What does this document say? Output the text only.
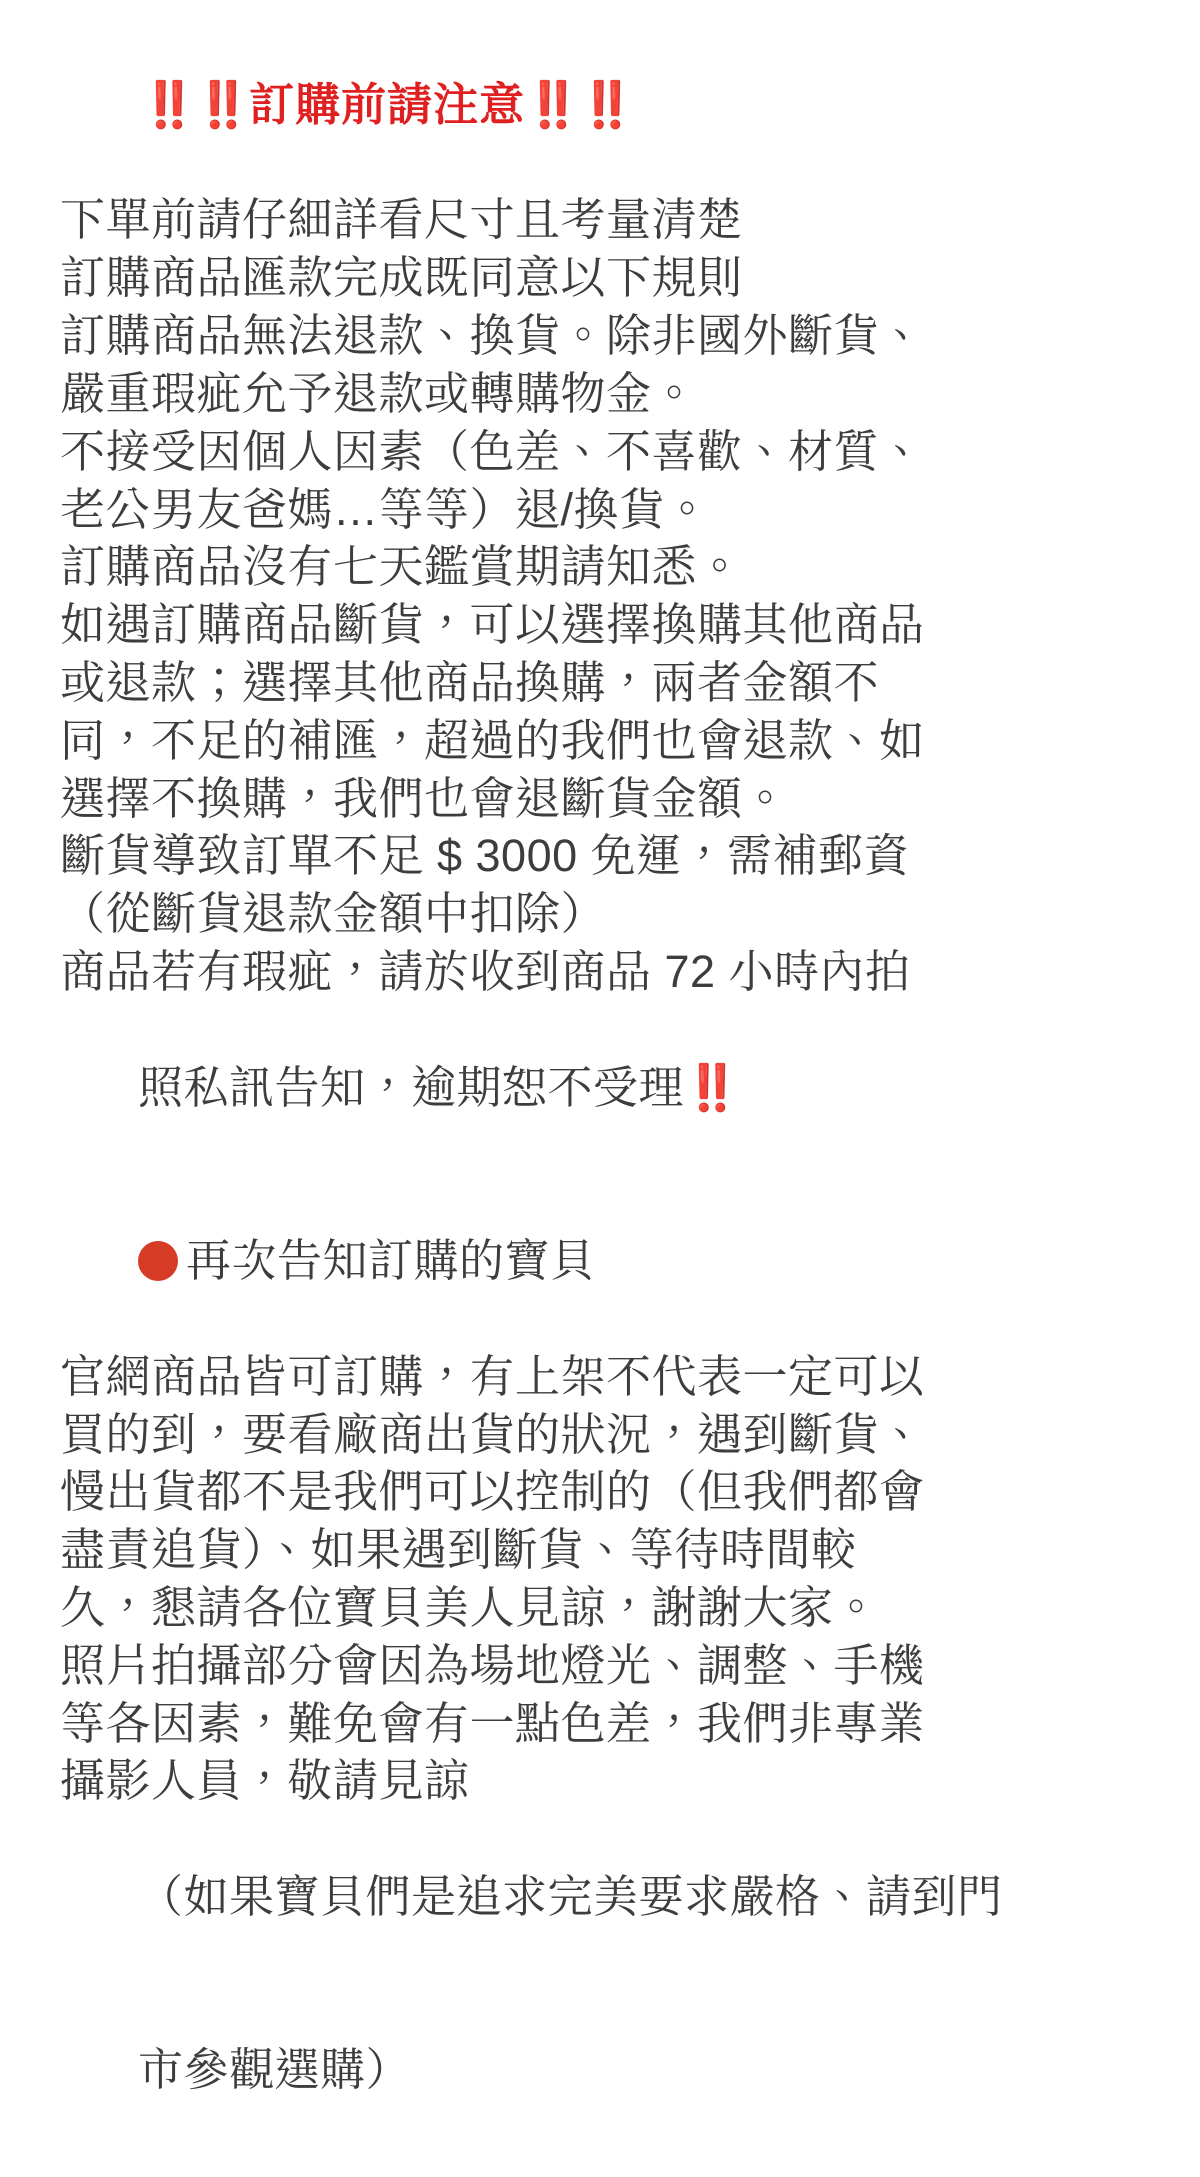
‼️‼️訂購前請注意‼️‼️

下單前請仔細詳看尺寸且考量清楚
訂購商品匯款完成既同意以下規則
訂購商品無法退款、換貨。除非國外斷貨、
嚴重瑕疵允予退款或轉購物金。
不接受因個人因素（色差、不喜歡、材質、
老公男友爸媽…等等）退/換貨。
訂購商品沒有七天鑑賞期請知悉。
如遇訂購商品斷貨，可以選擇換購其他商品
或退款；選擇其他商品換購，兩者金額不
同，不足的補匯，超過的我們也會退款、如
選擇不換購，我們也會退斷貨金額。
斷貨導致訂單不足 $ 3000 免運，需補郵資
（從斷貨退款金額中扣除）
商品若有瑕疵，請於收到商品 72 小時內拍

照私訊告知，逾期恕不受理‼️

再次告知訂購的寶貝

官網商品皆可訂購，有上架不代表一定可以
買的到，要看廠商出貨的狀況，遇到斷貨、
慢出貨都不是我們可以控制的（但我們都會
盡責追貨）、如果遇到斷貨、等待時間較
久，懇請各位寶貝美人見諒，謝謝大家。
照片拍攝部分會因為場地燈光、調整、手機
等各因素，難免會有一點色差，我們非專業
攝影人員，敬請見諒

（如果寶貝們是追求完美要求嚴格、請到門

市參觀選購）
